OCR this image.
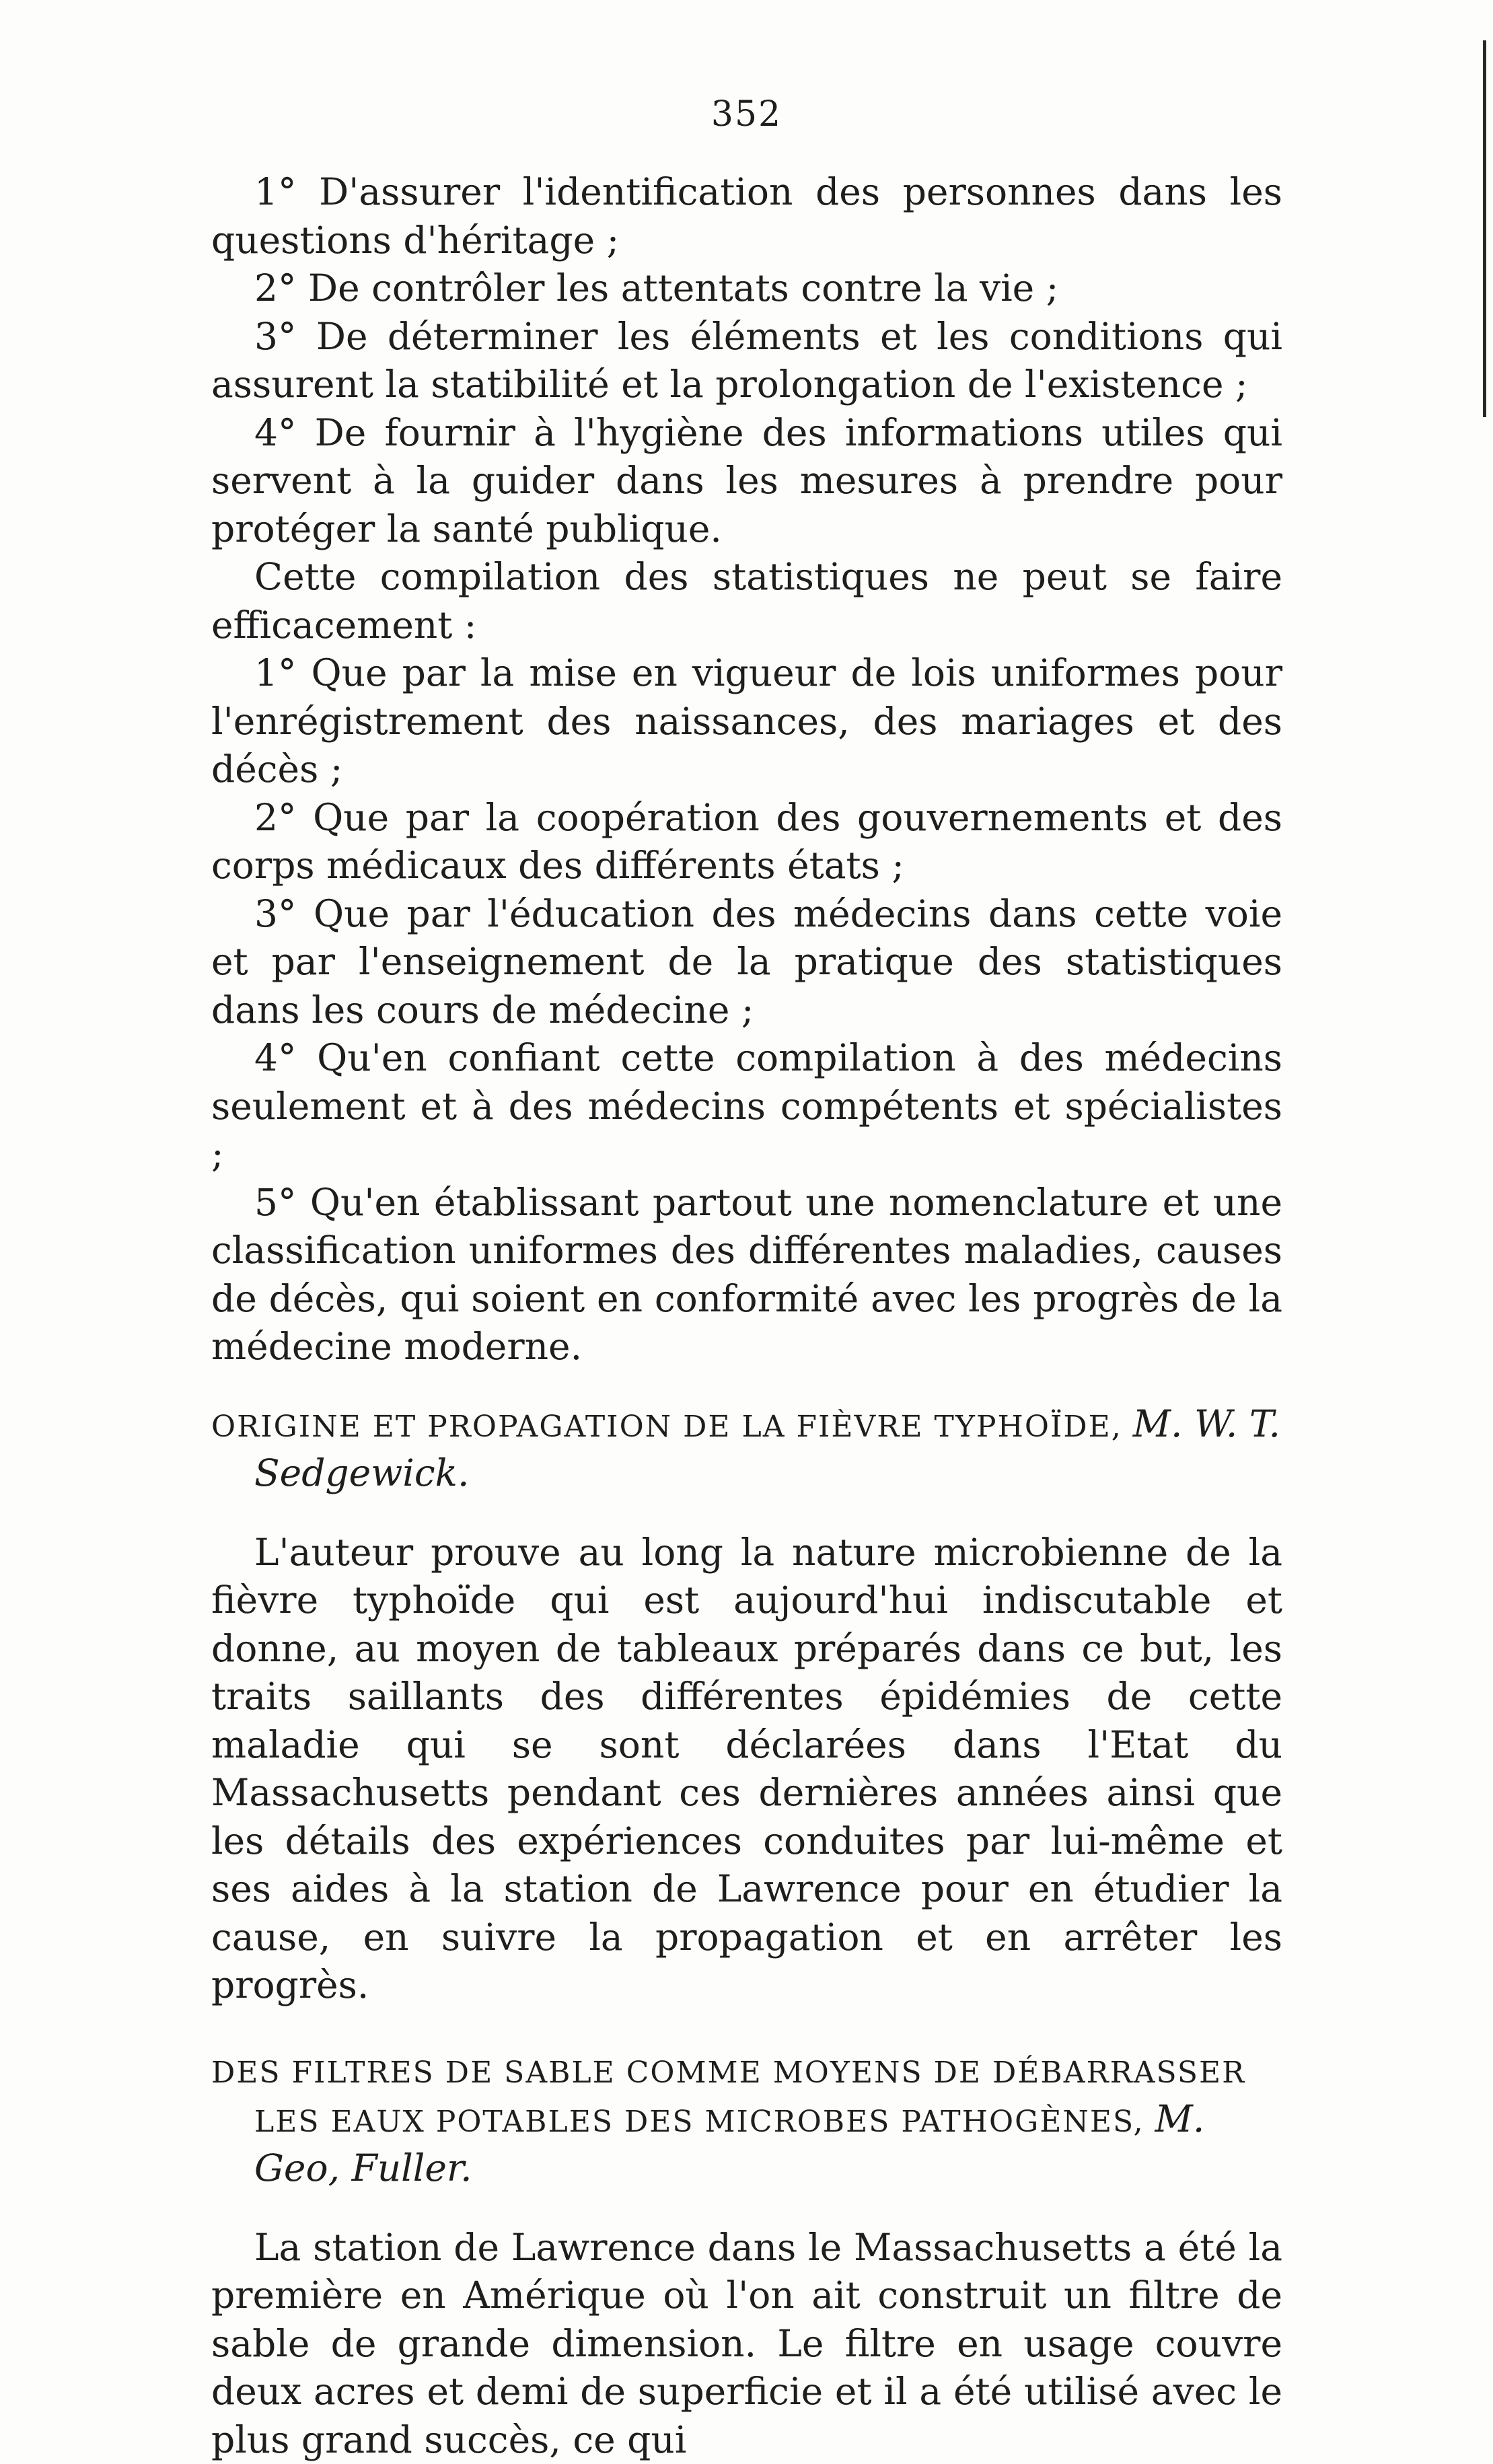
352

1° D'assurer l'identification des personnes dans les questions d'héritage ;

2° De contrôler les attentats contre la vie ;

3° De déterminer les éléments et les conditions qui assurent la statibilité et la prolongation de l'existence ;

4° De fournir à l'hygiène des informations utiles qui servent à la guider dans les mesures à prendre pour protéger la santé publique.

Cette compilation des statistiques ne peut se faire efficacement :

1° Que par la mise en vigueur de lois uniformes pour l'enrégistrement des naissances, des mariages et des décès ;

2° Que par la coopération des gouvernements et des corps médicaux des différents états ;

3° Que par l'éducation des médecins dans cette voie et par l'enseignement de la pratique des statistiques dans les cours de médecine ;

4° Qu'en confiant cette compilation à des médecins seulement et à des médecins compétents et spécialistes ;

5° Qu'en établissant partout une nomenclature et une classification uniformes des différentes maladies, causes de décès, qui soient en conformité avec les progrès de la médecine moderne.

ORIGINE ET PROPAGATION DE LA FIÈVRE TYPHOÏDE, M. W. T. Sedgewick.

L'auteur prouve au long la nature microbienne de la fièvre typhoïde qui est aujourd'hui indiscutable et donne, au moyen de tableaux préparés dans ce but, les traits saillants des différentes épidémies de cette maladie qui se sont déclarées dans l'Etat du Massachusetts pendant ces dernières années ainsi que les détails des expériences conduites par lui-même et ses aides à la station de Lawrence pour en étudier la cause, en suivre la propagation et en arrêter les progrès.

DES FILTRES DE SABLE COMME MOYENS DE DÉBARRASSER LES EAUX POTABLES DES MICROBES PATHOGÈNES, M. Geo, Fuller.

La station de Lawrence dans le Massachusetts a été la première en Amérique où l'on ait construit un filtre de sable de grande dimension. Le filtre en usage couvre deux acres et demi de superficie et il a été utilisé avec le plus grand succès, ce qui
